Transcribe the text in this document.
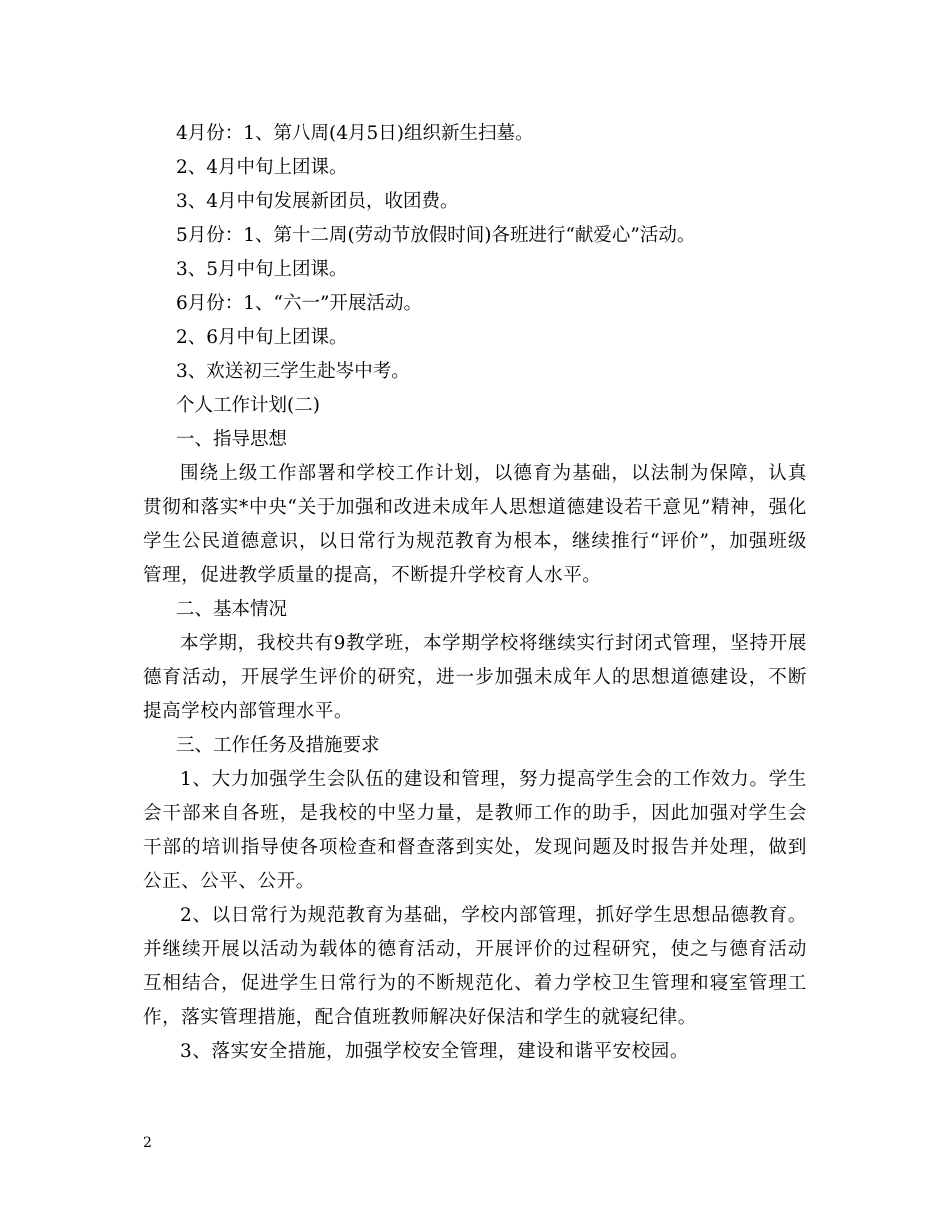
4月份：1、第八周(4月5日)组织新生扫墓。
2、4月中旬上团课。
3、4月中旬发展新团员，收团费。
5月份：1、第十二周(劳动节放假时间)各班进行“献爱心”活动。
3、5月中旬上团课。
6月份：1、“六一”开展活动。
2、6月中旬上团课。
3、欢送初三学生赴岑中考。
个人工作计划(二)
一、指导思想
围绕上级工作部署和学校工作计划，以德育为基础，以法制为保障，认真贯彻和落实*中央“关于加强和改进未成年人思想道德建设若干意见”精神，强化学生公民道德意识，以日常行为规范教育为根本，继续推行“评价”，加强班级管理，促进教学质量的提高，不断提升学校育人水平。
二、基本情况
本学期，我校共有9教学班，本学期学校将继续实行封闭式管理，坚持开展德育活动，开展学生评价的研究，进一步加强未成年人的思想道德建设，不断提高学校内部管理水平。
三、工作任务及措施要求
1、大力加强学生会队伍的建设和管理，努力提高学生会的工作效力。学生会干部来自各班，是我校的中坚力量，是教师工作的助手，因此加强对学生会干部的培训指导使各项检查和督查落到实处，发现问题及时报告并处理，做到公正、公平、公开。
2、以日常行为规范教育为基础，学校内部管理，抓好学生思想品德教育。并继续开展以活动为载体的德育活动，开展评价的过程研究，使之与德育活动互相结合，促进学生日常行为的不断规范化、着力学校卫生管理和寝室管理工作，落实管理措施，配合值班教师解决好保洁和学生的就寝纪律。
3、落实安全措施，加强学校安全管理，建设和谐平安校园。
2
